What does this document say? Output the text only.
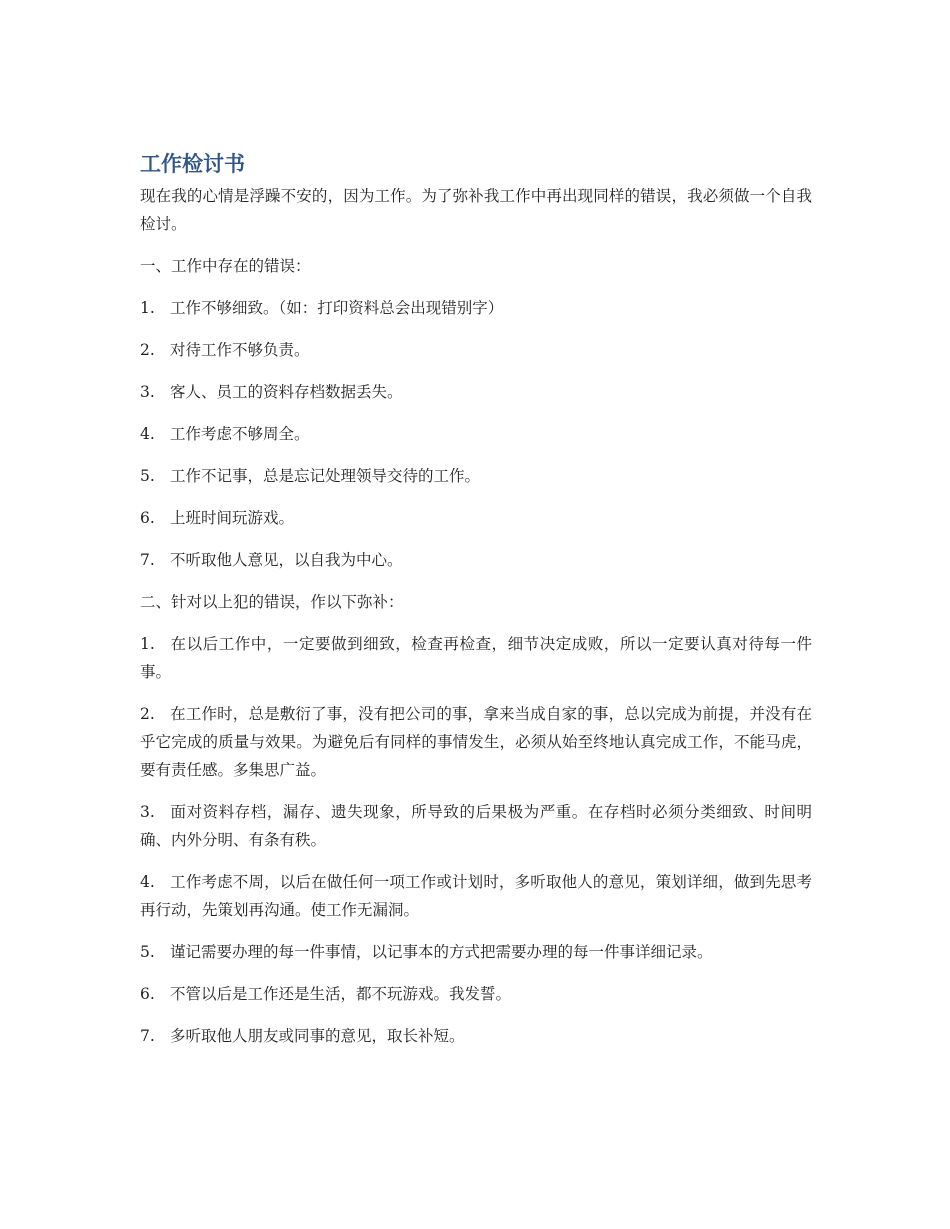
工作检讨书

现在我的心情是浮躁不安的，因为工作。为了弥补我工作中再出现同样的错误，我必须做一个自我检讨。

一、工作中存在的错误：

1. 工作不够细致。（如：打印资料总会出现错别字）

2. 对待工作不够负责。

3. 客人、员工的资料存档数据丢失。

4. 工作考虑不够周全。

5. 工作不记事，总是忘记处理领导交待的工作。

6. 上班时间玩游戏。

7. 不听取他人意见，以自我为中心。

二、针对以上犯的错误，作以下弥补：

1. 在以后工作中，一定要做到细致，检查再检查，细节决定成败，所以一定要认真对待每一件事。

2. 在工作时，总是敷衍了事，没有把公司的事，拿来当成自家的事，总以完成为前提，并没有在乎它完成的质量与效果。为避免后有同样的事情发生，必须从始至终地认真完成工作，不能马虎，要有责任感。多集思广益。

3. 面对资料存档，漏存、遗失现象，所导致的后果极为严重。在存档时必须分类细致、时间明确、内外分明、有条有秩。

4. 工作考虑不周，以后在做任何一项工作或计划时，多听取他人的意见，策划详细，做到先思考再行动，先策划再沟通。使工作无漏洞。

5. 谨记需要办理的每一件事情，以记事本的方式把需要办理的每一件事详细记录。

6. 不管以后是工作还是生活，都不玩游戏。我发誓。

7. 多听取他人朋友或同事的意见，取长补短。
